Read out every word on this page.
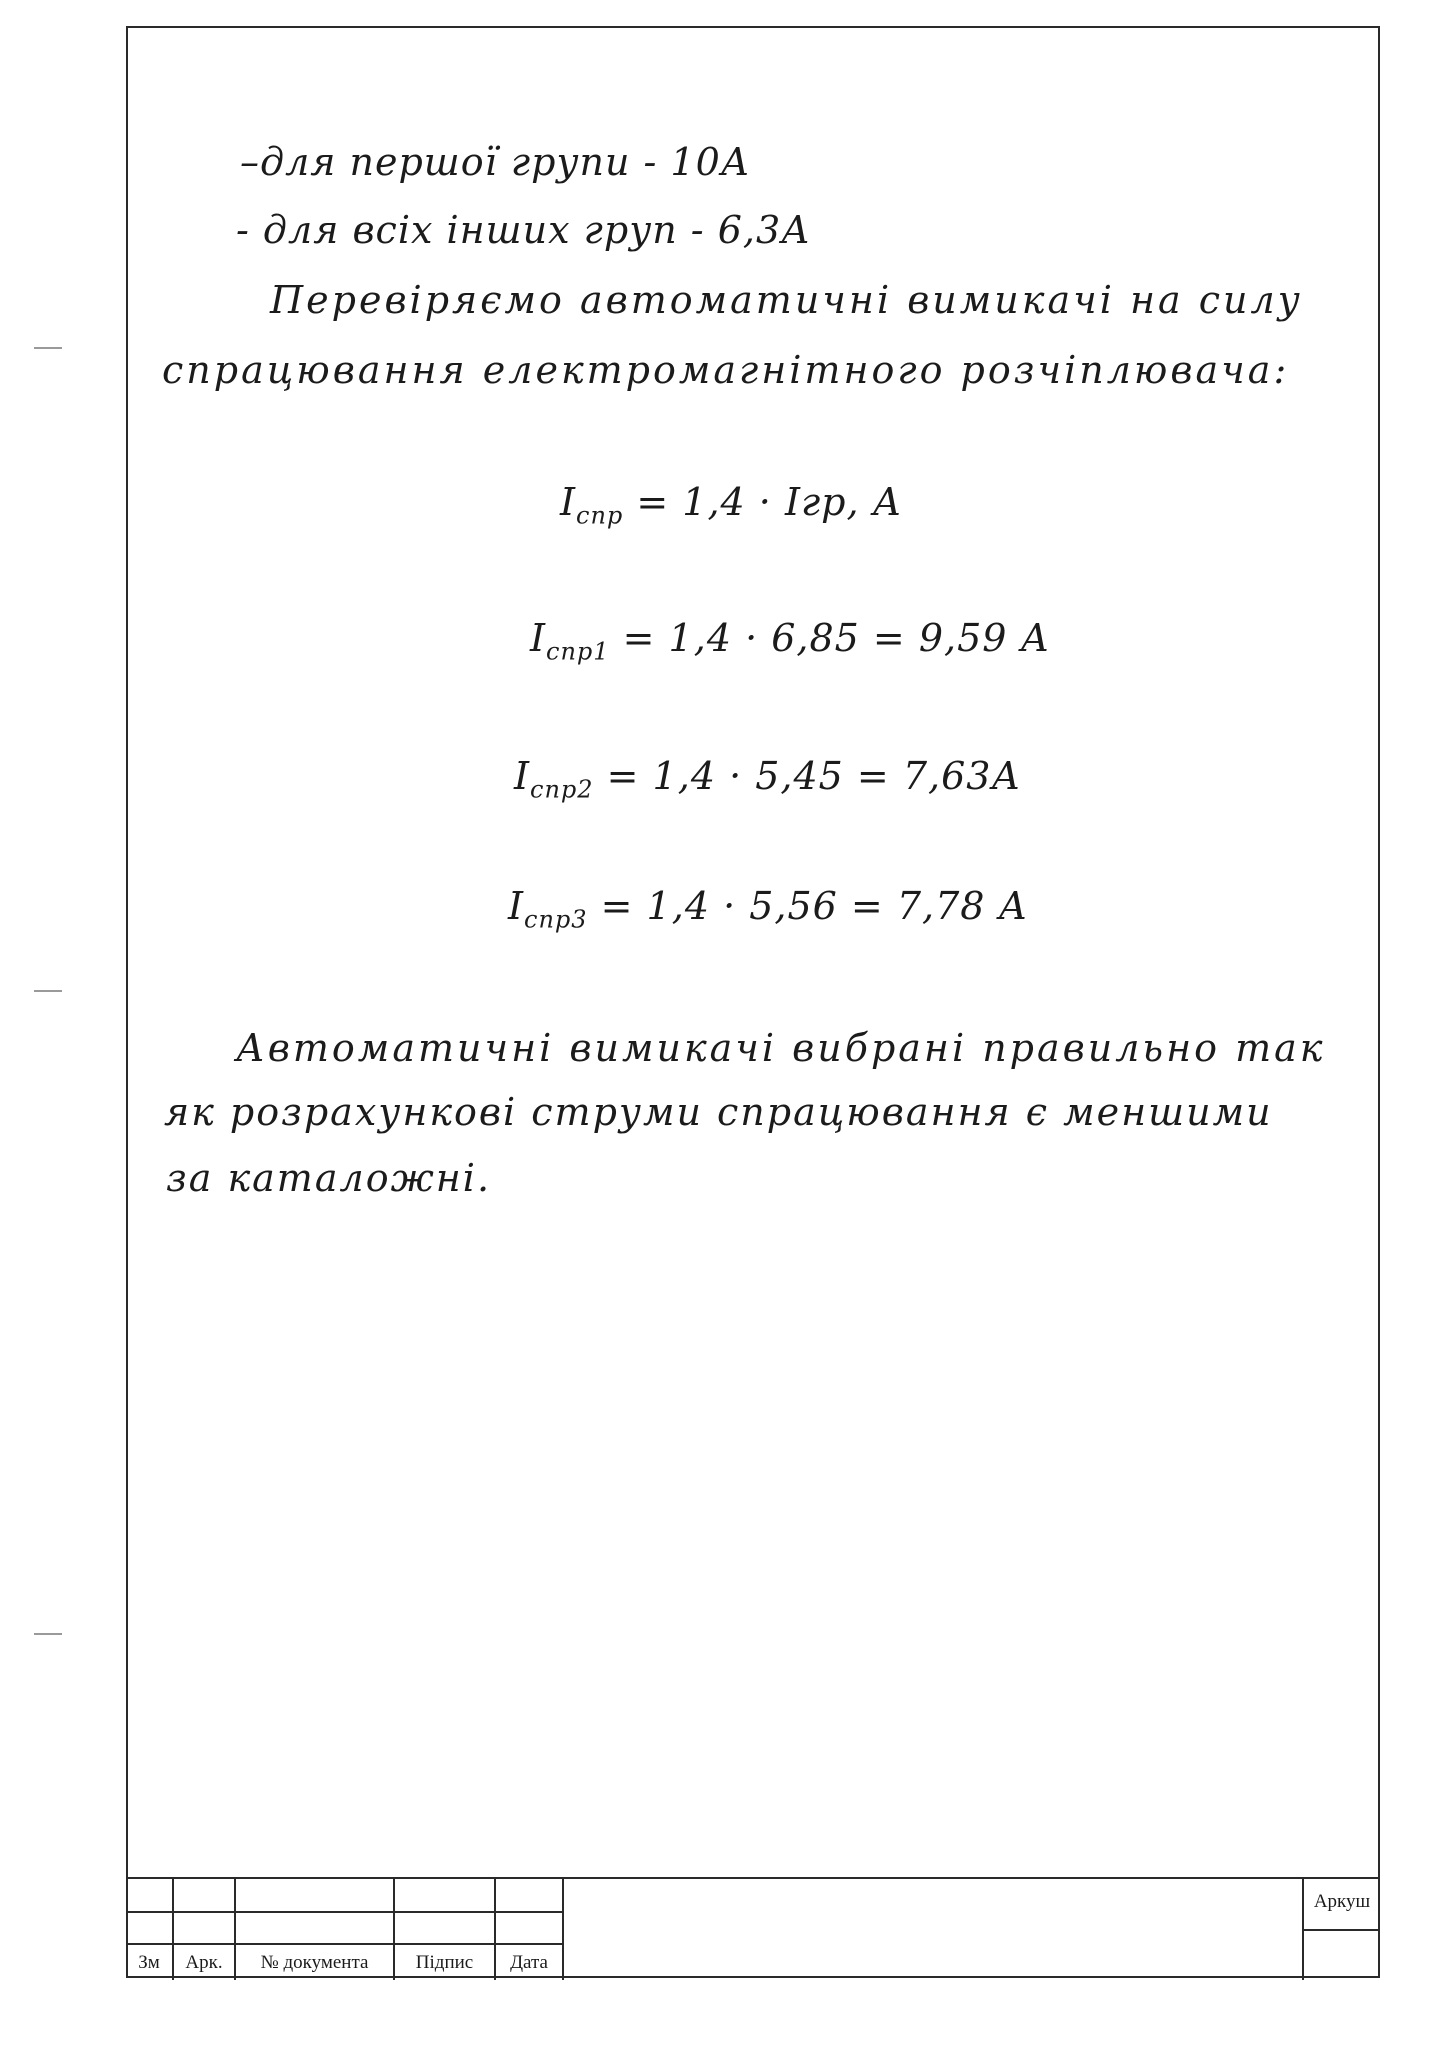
–для першої групи - 10А
- для всіх інших груп - 6,3А
Перевіряємо автоматичні вимикачі на силу
спрацювання електромагнітного розчіплювача:
$I_{спр} = 1,4$ · Iгр, А
$I_{спр1} = 1,4 \cdot 6,85 = 9,59$ А
$I_{спр2} = 1,4 \cdot 5,45 = 7,63А$
$I_{спр3} = 1,4 \cdot 5,56 = 7,78$ А
Автоматичні вимикачі вибрані правильно так
як розрахункові струми спрацювання є меншими
за каталожні.
Зм	Арк.	№ документа	Підпис	Дата
Аркуш
